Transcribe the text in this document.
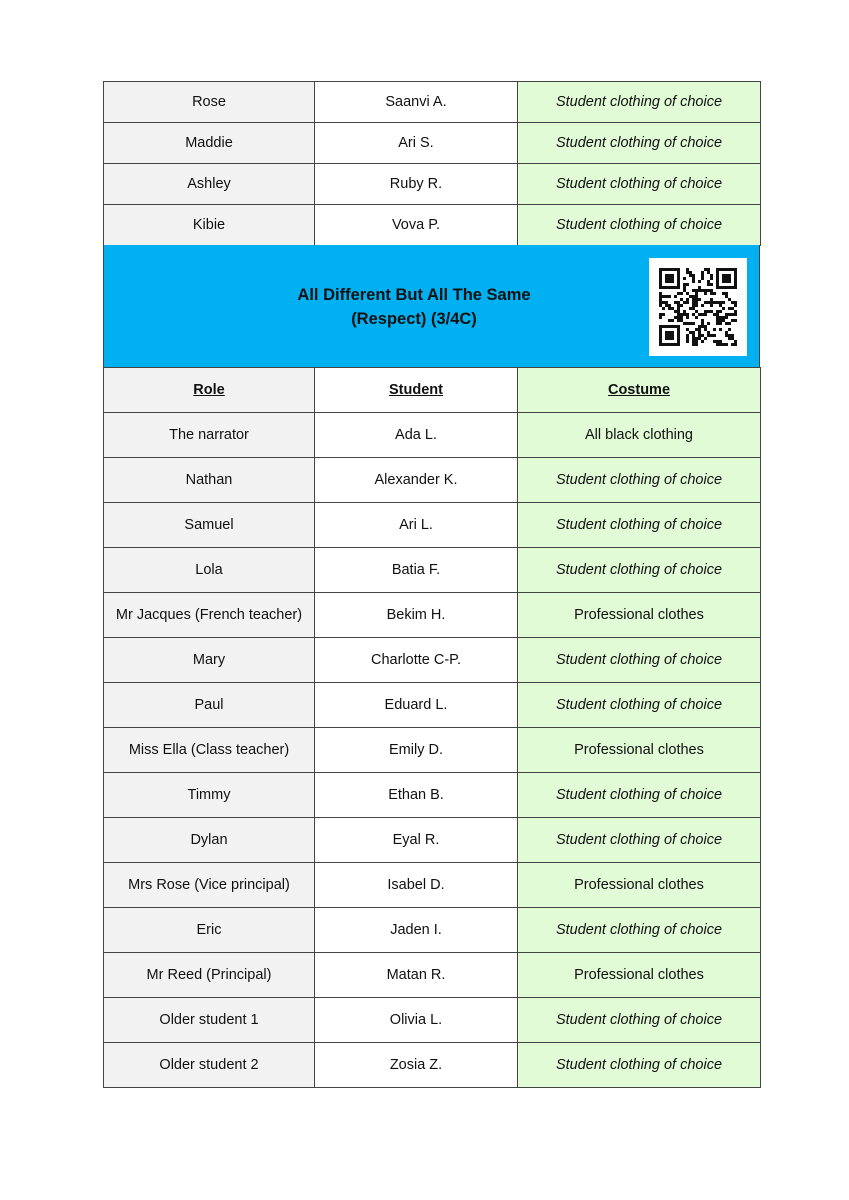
Rose	Saanvi A.	Student clothing of choice
Maddie	Ari S.	Student clothing of choice
Ashley	Ruby R.	Student clothing of choice
Kibie	Vova P.	Student clothing of choice
All Different But All The Same
(Respect) (3/4C)
Role	Student	Costume
The narrator	Ada L.	All black clothing
Nathan	Alexander K.	Student clothing of choice
Samuel	Ari L.	Student clothing of choice
Lola	Batia F.	Student clothing of choice
Mr Jacques (French teacher)	Bekim H.	Professional clothes
Mary	Charlotte C-P.	Student clothing of choice
Paul	Eduard L.	Student clothing of choice
Miss Ella (Class teacher)	Emily D.	Professional clothes
Timmy	Ethan B.	Student clothing of choice
Dylan	Eyal R.	Student clothing of choice
Mrs Rose (Vice principal)	Isabel D.	Professional clothes
Eric	Jaden I.	Student clothing of choice
Mr Reed (Principal)	Matan R.	Professional clothes
Older student 1	Olivia L.	Student clothing of choice
Older student 2	Zosia Z.	Student clothing of choice
